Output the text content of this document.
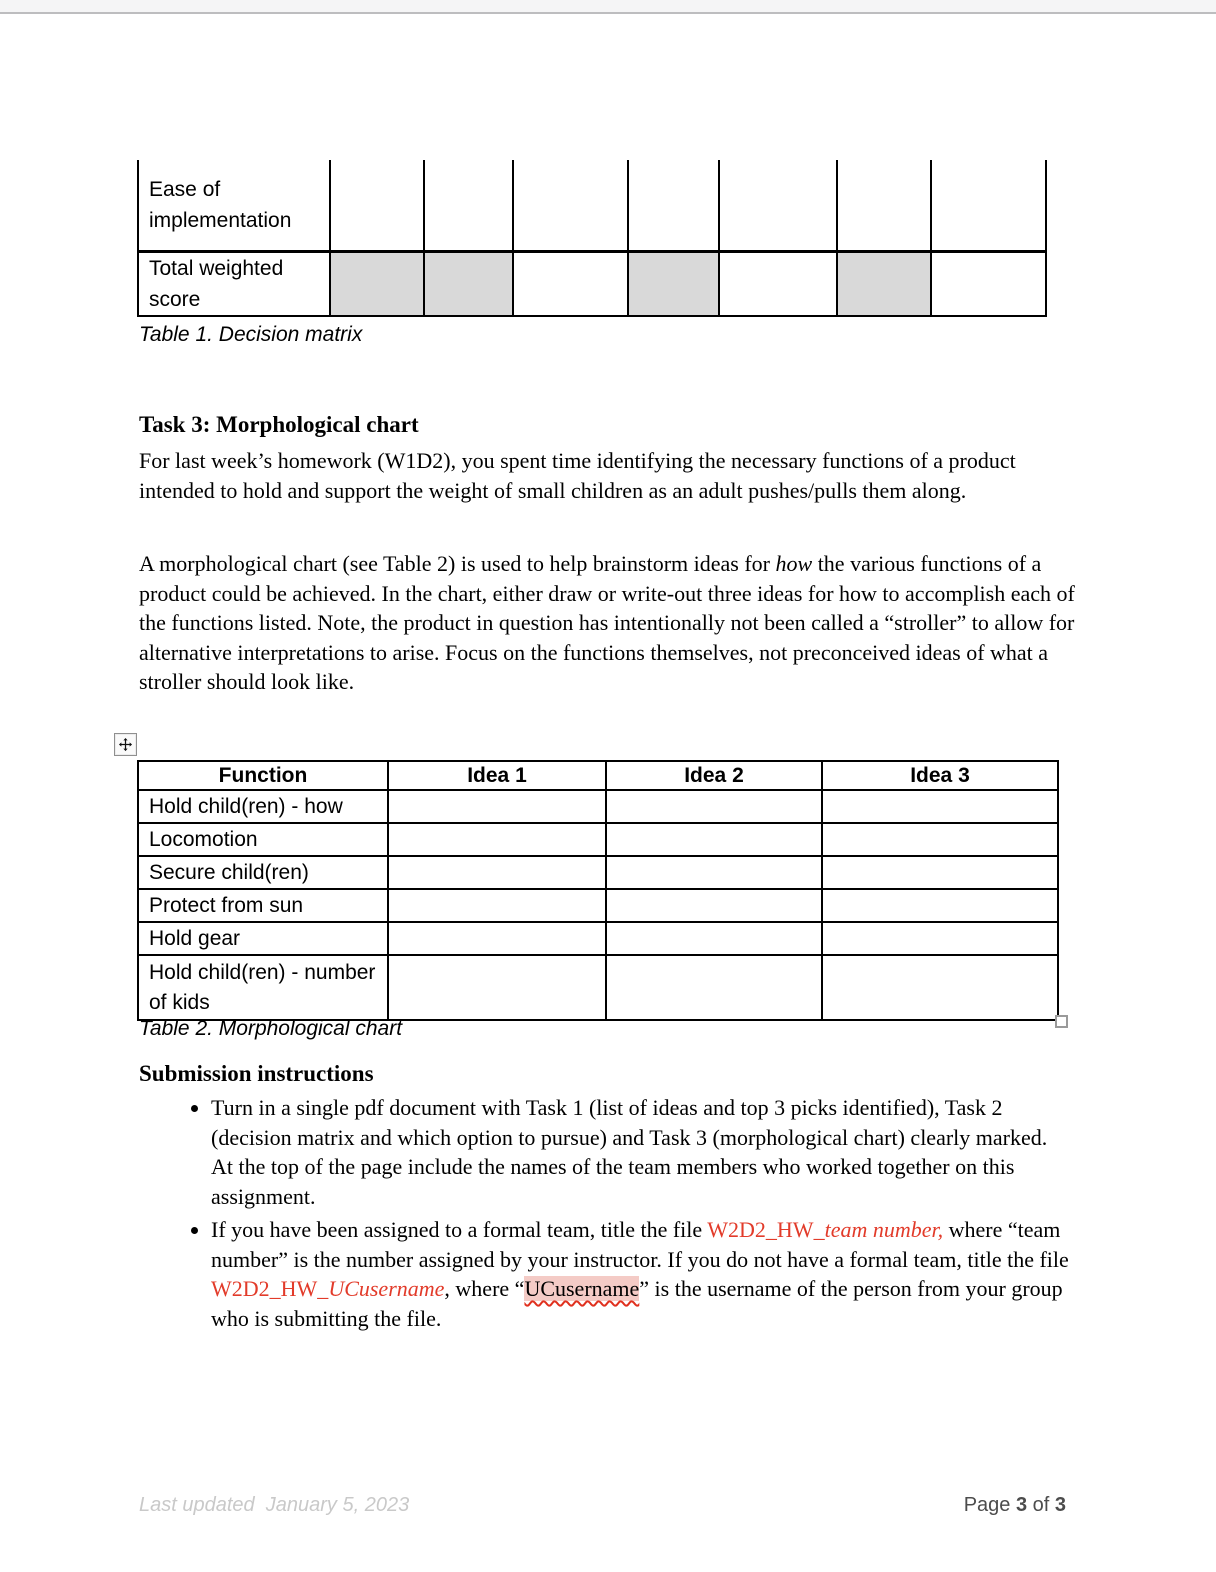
Ease of implementation							
Total weighted score							
Table 1. Decision matrix
Task 3: Morphological chart
For last week’s homework (W1D2), you spent time identifying the necessary functions of a product intended to hold and support the weight of small children as an adult pushes/pulls them along.
A morphological chart (see Table 2) is used to help brainstorm ideas for how the various functions of a product could be achieved. In the chart, either draw or write-out three ideas for how to accomplish each of the functions listed. Note, the product in question has intentionally not been called a “stroller” to allow for alternative interpretations to arise. Focus on the functions themselves, not preconceived ideas of what a stroller should look like.
Function	Idea 1	Idea 2	Idea 3
Hold child(ren) - how			
Locomotion			
Secure child(ren)			
Protect from sun			
Hold gear			
Hold child(ren) - number of kids			
Table 2. Morphological chart
Submission instructions
• Turn in a single pdf document with Task 1 (list of ideas and top 3 picks identified), Task 2 (decision matrix and which option to pursue) and Task 3 (morphological chart) clearly marked.  At the top of the page include the names of the team members who worked together on this assignment.
• If you have been assigned to a formal team, title the file W2D2_HW_team number, where “team number” is the number assigned by your instructor. If you do not have a formal team, title the file W2D2_HW_UCusername, where “UCusername” is the username of the person from your group who is submitting the file.
Last updated  January 5, 2023	Page 3 of 3
